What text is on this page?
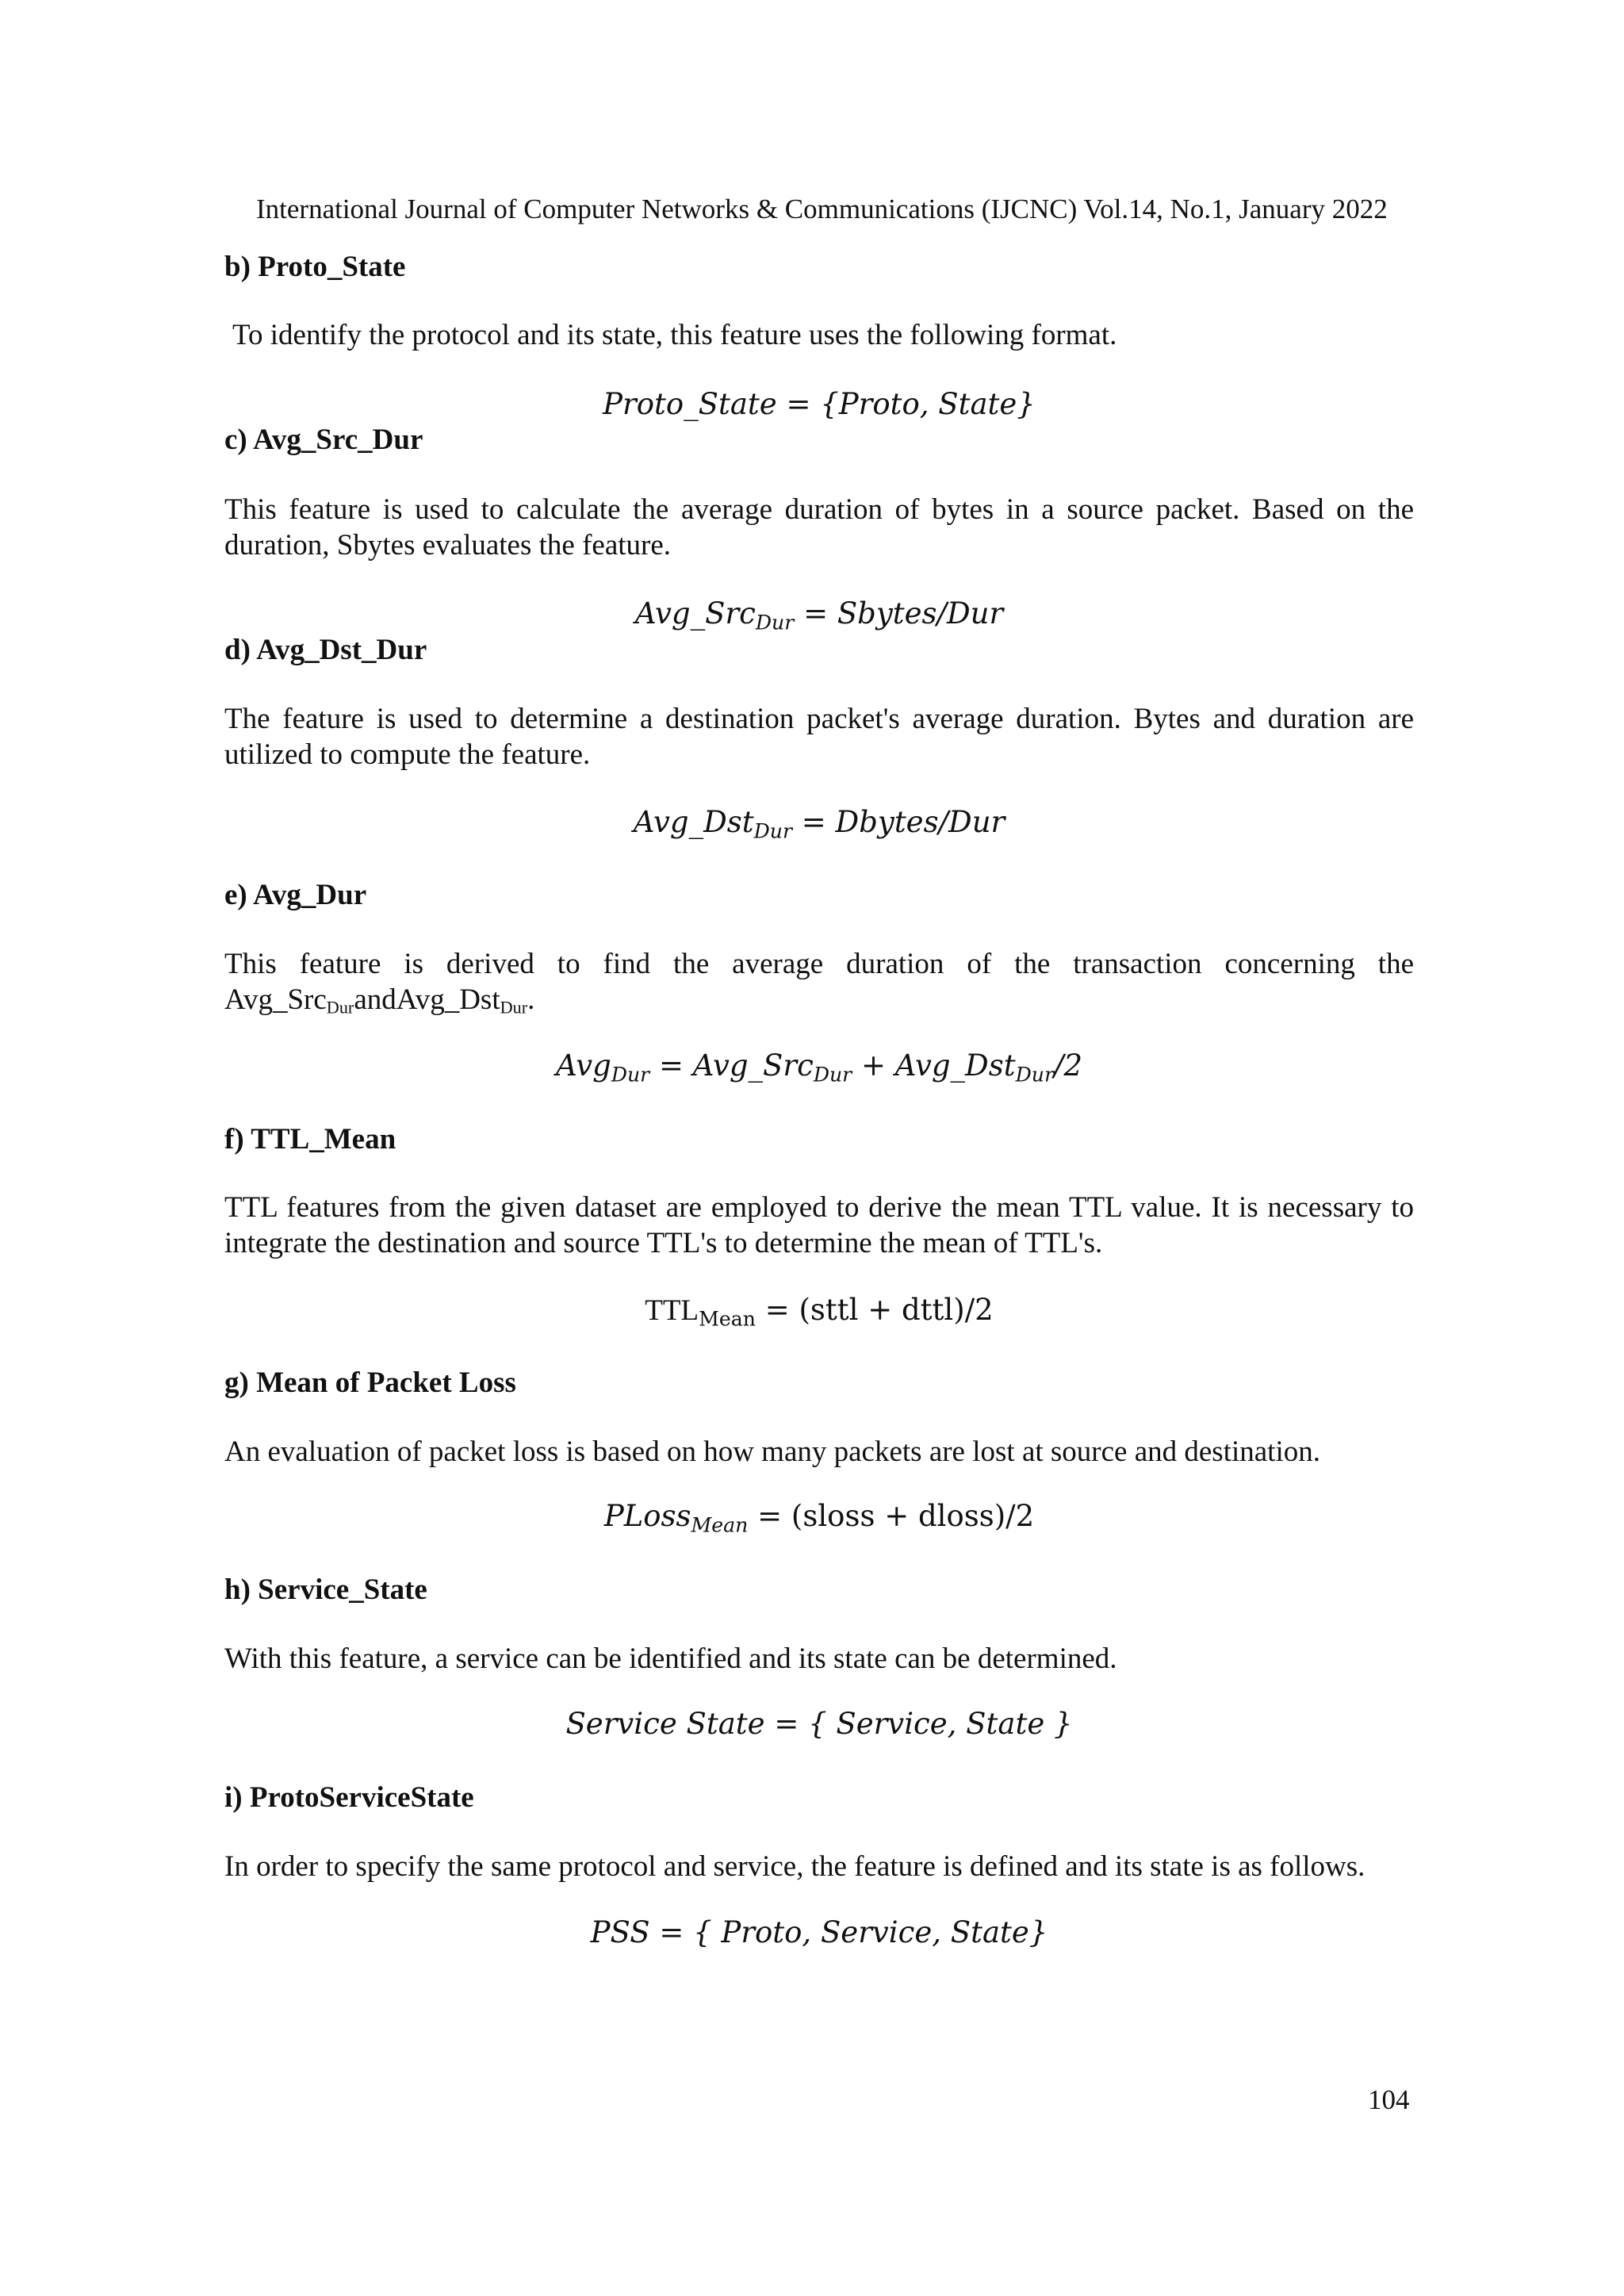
International Journal of Computer Networks & Communications (IJCNC) Vol.14, No.1, January 2022

b) Proto_State

To identify the protocol and its state, this feature uses the following format.

Proto_State = {Proto, State}

c) Avg_Src_Dur

This feature is used to calculate the average duration of bytes in a source packet. Based on the duration, Sbytes evaluates the feature.

Avg_Src$_{Dur}$ = Sbytes/Dur

d) Avg_Dst_Dur

The feature is used to determine a destination packet's average duration. Bytes and duration are utilized to compute the feature.

Avg_Dst$_{Dur}$ = Dbytes/Dur

e) Avg_Dur

This feature is derived to find the average duration of the transaction concerning the Avg_Src$_{Dur}$andAvg_Dst$_{Dur}$.

Avg$_{Dur}$ = Avg_Src$_{Dur}$ + Avg_Dst$_{Dur}$/2

f) TTL_Mean

TTL features from the given dataset are employed to derive the mean TTL value. It is necessary to integrate the destination and source TTL's to determine the mean of TTL's.

$TTL_{Mean}$ = (sttl + dttl)/2

g) Mean of Packet Loss

An evaluation of packet loss is based on how many packets are lost at source and destination.

PLoss$_{Mean}$ = (sloss + dloss)/2

h) Service_State

With this feature, a service can be identified and its state can be determined.

Service State = { Service, State }

i) ProtoServiceState

In order to specify the same protocol and service, the feature is defined and its state is as follows.

PSS = { Proto, Service, State}

104
